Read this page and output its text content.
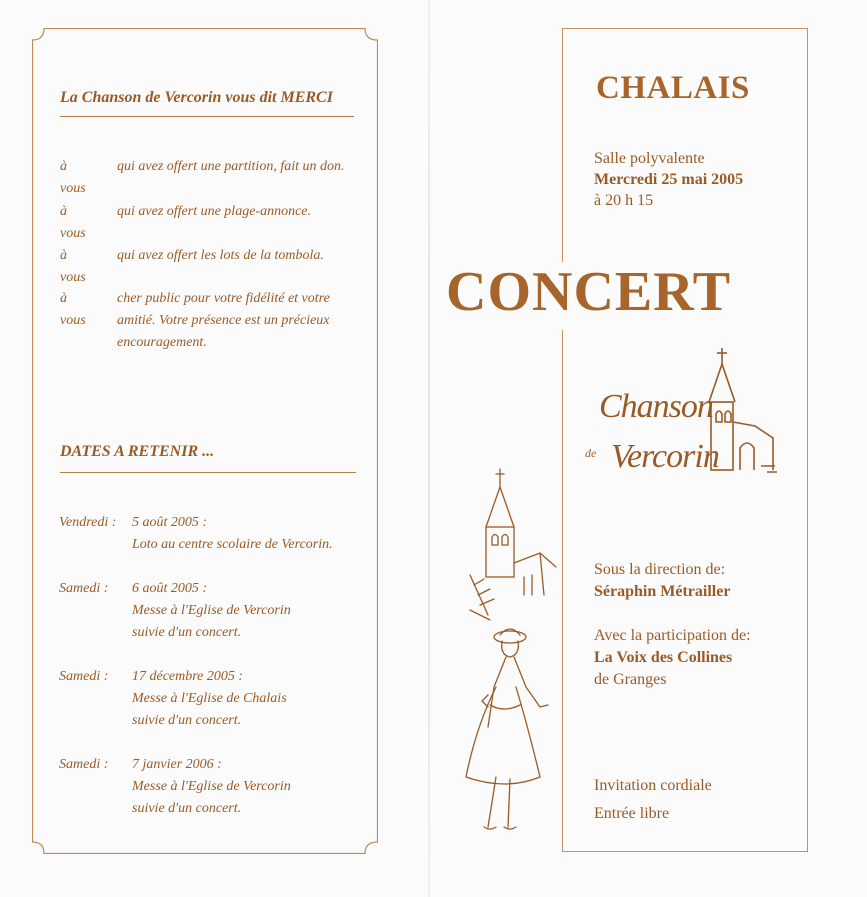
La Chanson de Vercorin vous dit MERCI
à vous
qui avez offert une partition, fait un don.
à vous
qui avez offert une plage-annonce.
à vous
qui avez offert les lots de la tombola.
à vous
cher public pour votre fidélité et votre
amitié. Votre présence est un précieux
encouragement.
DATES A RETENIR ...
Vendredi : 5 août 2005 :
Loto au centre scolaire de Vercorin.
Samedi : 6 août 2005 :
Messe à l'Eglise de Vercorin
suivie d'un concert.
Samedi : 17 décembre 2005 :
Messe à l'Eglise de Chalais
suivie d'un concert.
Samedi : 7 janvier 2006 :
Messe à l'Eglise de Vercorin
suivie d'un concert.
CHALAIS
Salle polyvalente
Mercredi 25 mai 2005
à 20 h 15
CONCERT
Chanson
de Vercorin
Sous la direction de:
Séraphin Métrailler
Avec la participation de:
La Voix des Collines
de Granges
Invitation cordiale
Entrée libre
